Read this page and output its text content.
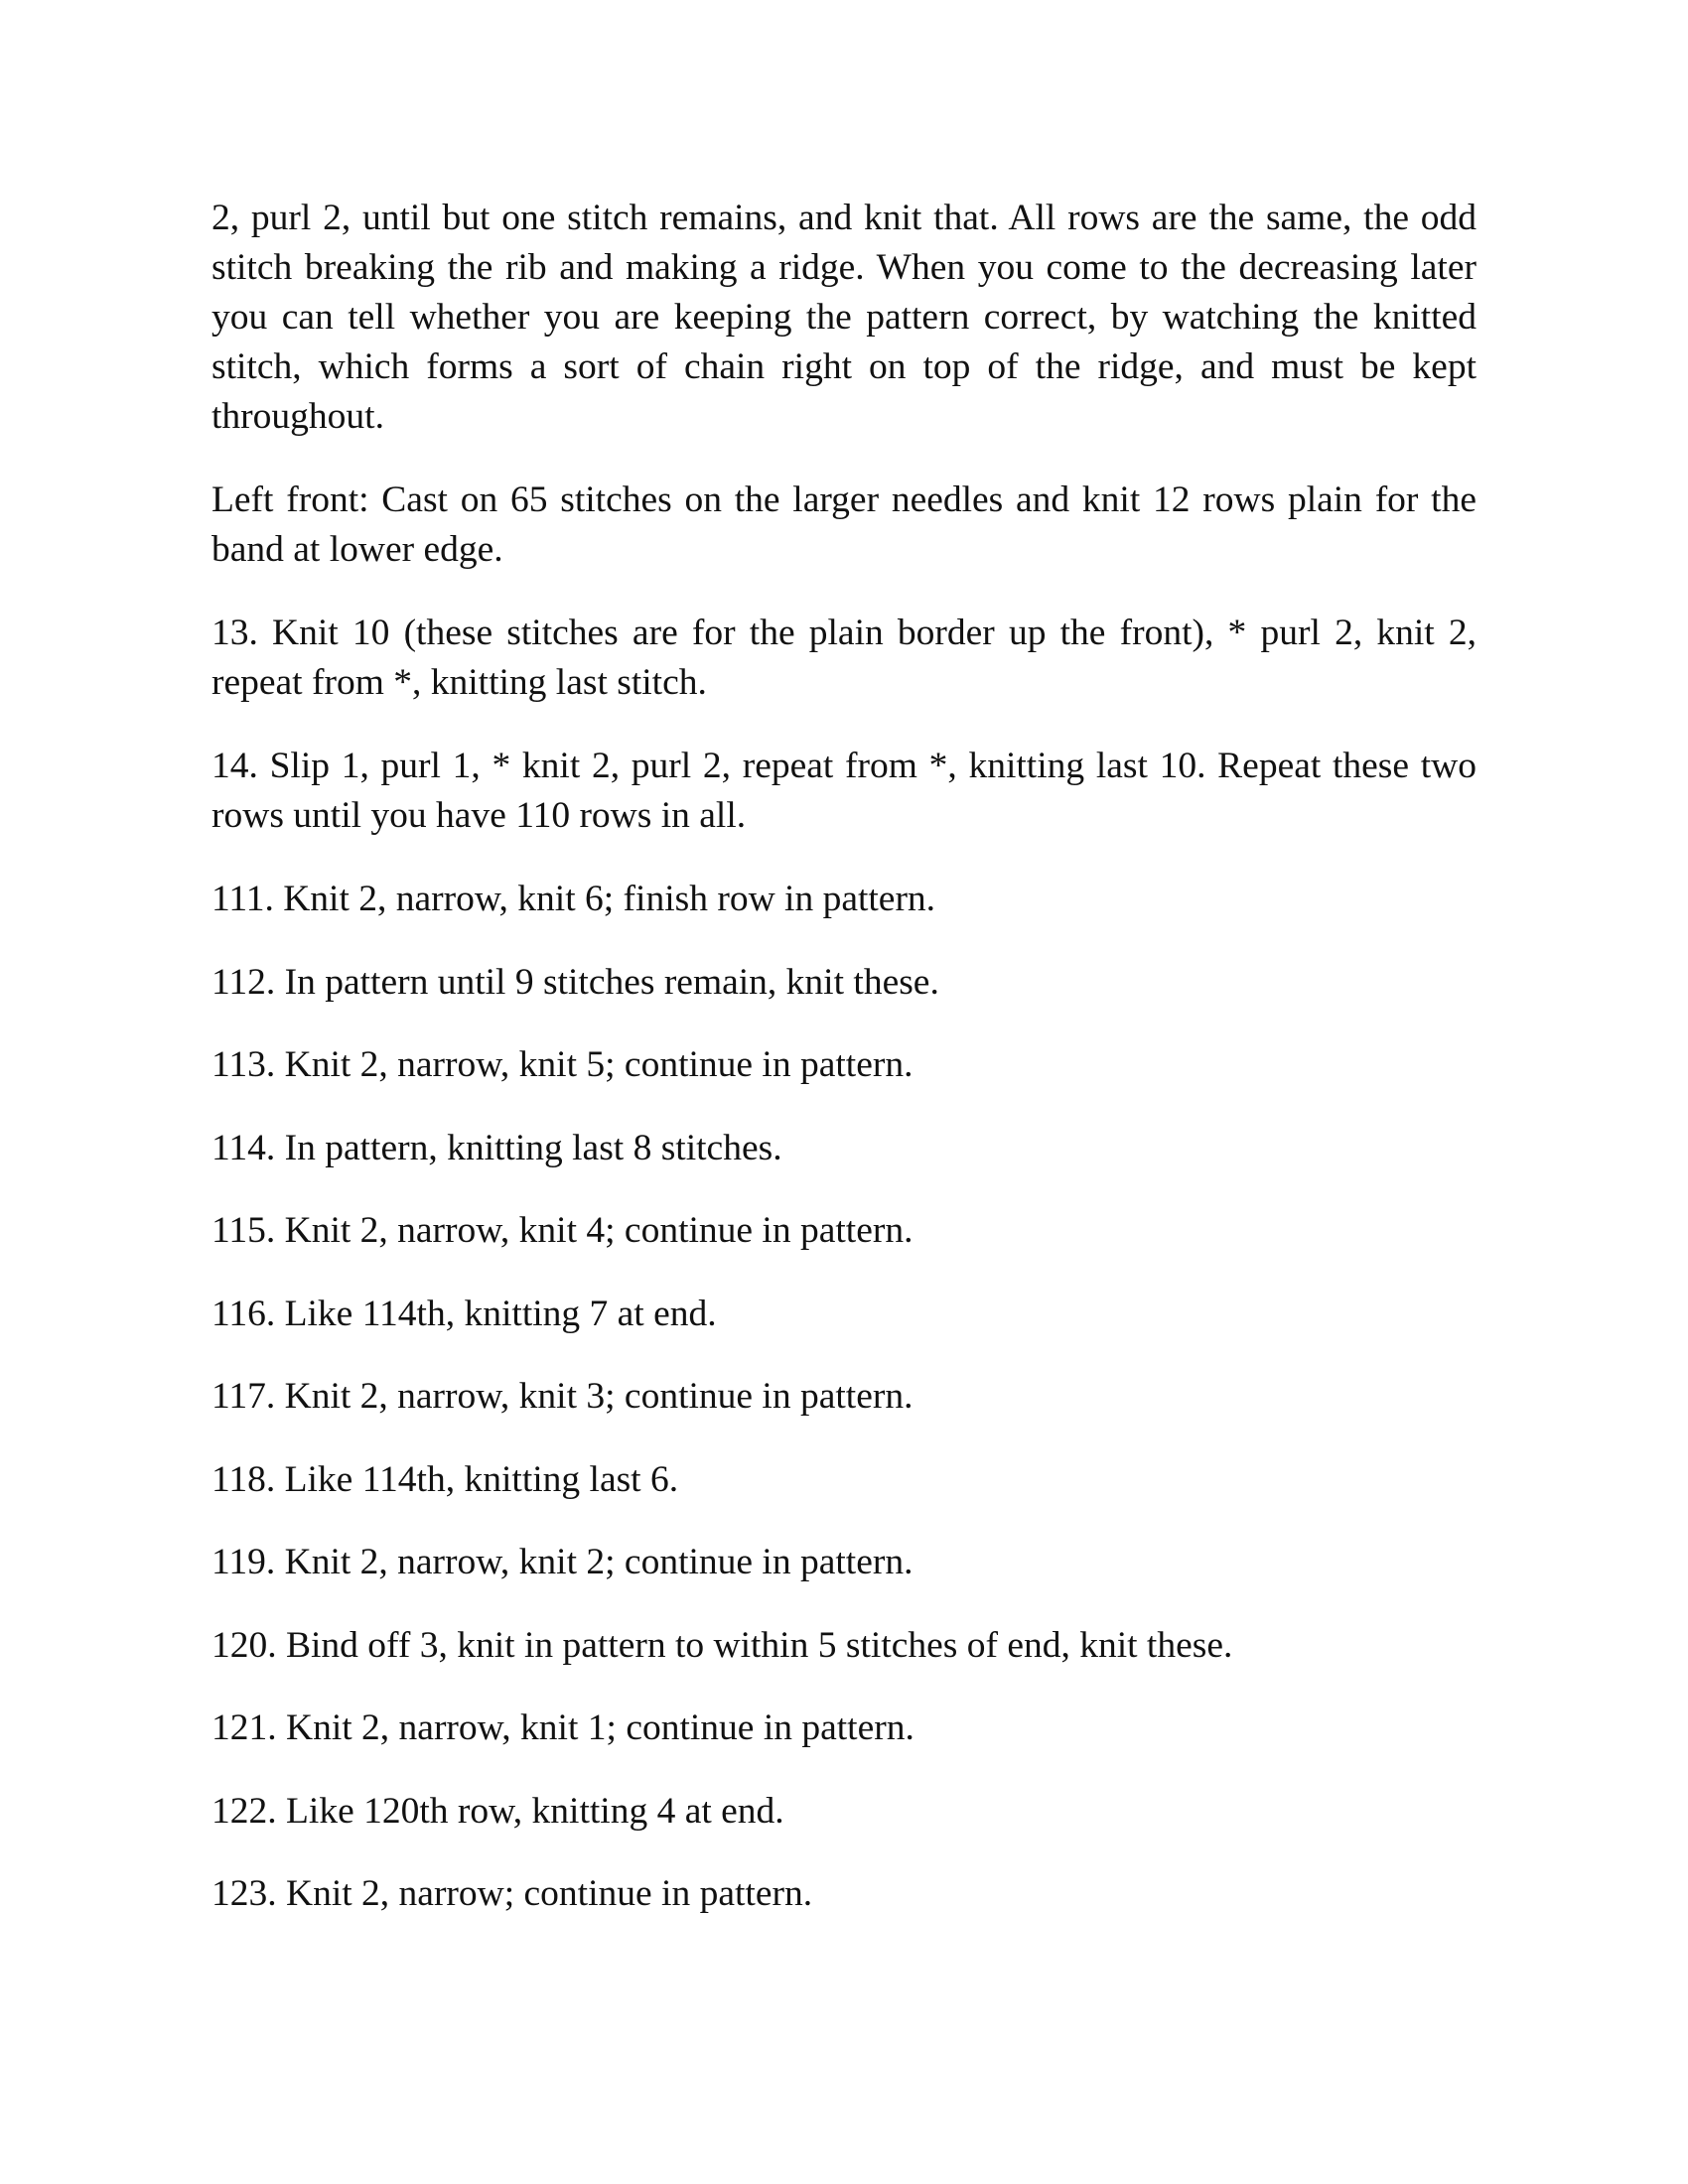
2, purl 2, until but one stitch remains, and knit that. All rows are the same, the odd stitch breaking the rib and making a ridge. When you come to the decreasing later you can tell whether you are keeping the pattern correct, by watching the knitted stitch, which forms a sort of chain right on top of the ridge, and must be kept throughout.

Left front: Cast on 65 stitches on the larger needles and knit 12 rows plain for the band at lower edge.

13. Knit 10 (these stitches are for the plain border up the front), * purl 2, knit 2, repeat from *, knitting last stitch.

14. Slip 1, purl 1, * knit 2, purl 2, repeat from *, knitting last 10. Repeat these two rows until you have 110 rows in all.

111. Knit 2, narrow, knit 6; finish row in pattern.

112. In pattern until 9 stitches remain, knit these.

113. Knit 2, narrow, knit 5; continue in pattern.

114. In pattern, knitting last 8 stitches.

115. Knit 2, narrow, knit 4; continue in pattern.

116. Like 114th, knitting 7 at end.

117. Knit 2, narrow, knit 3; continue in pattern.

118. Like 114th, knitting last 6.

119. Knit 2, narrow, knit 2; continue in pattern.

120. Bind off 3, knit in pattern to within 5 stitches of end, knit these.

121. Knit 2, narrow, knit 1; continue in pattern.

122. Like 120th row, knitting 4 at end.

123. Knit 2, narrow; continue in pattern.
